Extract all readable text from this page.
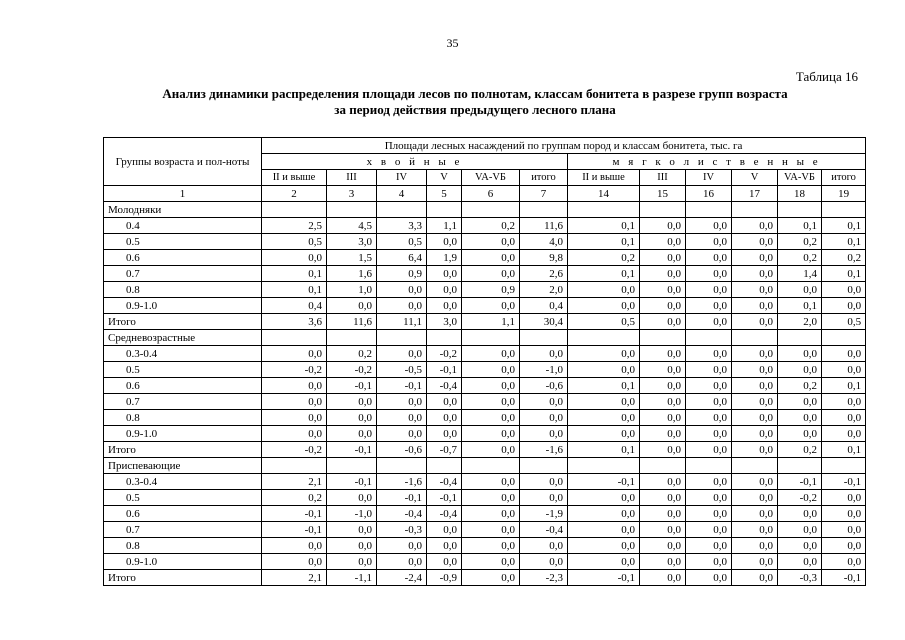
35
Таблица 16
Анализ динамики распределения площади лесов по полнотам, классам бонитета в разрезе групп возраста
за период действия предыдущего лесного плана
Группы возраста и пол-ноты	Площади лесных насаждений по группам пород и классам бонитета, тыс. га											
	х в о й н ы е						м я г к о л и с т в е н н ы е					
	II и выше	III	IV	V	VA-VБ	итого	II и выше	III	IV	V	VA-VБ	итого
1	2	3	4	5	6	7	14	15	16	17	18	19
Молодняки												
0.4	2,5	4,5	3,3	1,1	0,2	11,6	0,1	0,0	0,0	0,0	0,1	0,1
0.5	0,5	3,0	0,5	0,0	0,0	4,0	0,1	0,0	0,0	0,0	0,2	0,1
0.6	0,0	1,5	6,4	1,9	0,0	9,8	0,2	0,0	0,0	0,0	0,2	0,2
0.7	0,1	1,6	0,9	0,0	0,0	2,6	0,1	0,0	0,0	0,0	1,4	0,1
0.8	0,1	1,0	0,0	0,0	0,9	2,0	0,0	0,0	0,0	0,0	0,0	0,0
0.9-1.0	0,4	0,0	0,0	0,0	0,0	0,4	0,0	0,0	0,0	0,0	0,1	0,0
Итого	3,6	11,6	11,1	3,0	1,1	30,4	0,5	0,0	0,0	0,0	2,0	0,5
Средневозрастные												
0.3-0.4	0,0	0,2	0,0	-0,2	0,0	0,0	0,0	0,0	0,0	0,0	0,0	0,0
0.5	-0,2	-0,2	-0,5	-0,1	0,0	-1,0	0,0	0,0	0,0	0,0	0,0	0,0
0.6	0,0	-0,1	-0,1	-0,4	0,0	-0,6	0,1	0,0	0,0	0,0	0,2	0,1
0.7	0,0	0,0	0,0	0,0	0,0	0,0	0,0	0,0	0,0	0,0	0,0	0,0
0.8	0,0	0,0	0,0	0,0	0,0	0,0	0,0	0,0	0,0	0,0	0,0	0,0
0.9-1.0	0,0	0,0	0,0	0,0	0,0	0,0	0,0	0,0	0,0	0,0	0,0	0,0
Итого	-0,2	-0,1	-0,6	-0,7	0,0	-1,6	0,1	0,0	0,0	0,0	0,2	0,1
Приспевающие												
0.3-0.4	2,1	-0,1	-1,6	-0,4	0,0	0,0	-0,1	0,0	0,0	0,0	-0,1	-0,1
0.5	0,2	0,0	-0,1	-0,1	0,0	0,0	0,0	0,0	0,0	0,0	-0,2	0,0
0.6	-0,1	-1,0	-0,4	-0,4	0,0	-1,9	0,0	0,0	0,0	0,0	0,0	0,0
0.7	-0,1	0,0	-0,3	0,0	0,0	-0,4	0,0	0,0	0,0	0,0	0,0	0,0
0.8	0,0	0,0	0,0	0,0	0,0	0,0	0,0	0,0	0,0	0,0	0,0	0,0
0.9-1.0	0,0	0,0	0,0	0,0	0,0	0,0	0,0	0,0	0,0	0,0	0,0	0,0
Итого	2,1	-1,1	-2,4	-0,9	0,0	-2,3	-0,1	0,0	0,0	0,0	-0,3	-0,1
